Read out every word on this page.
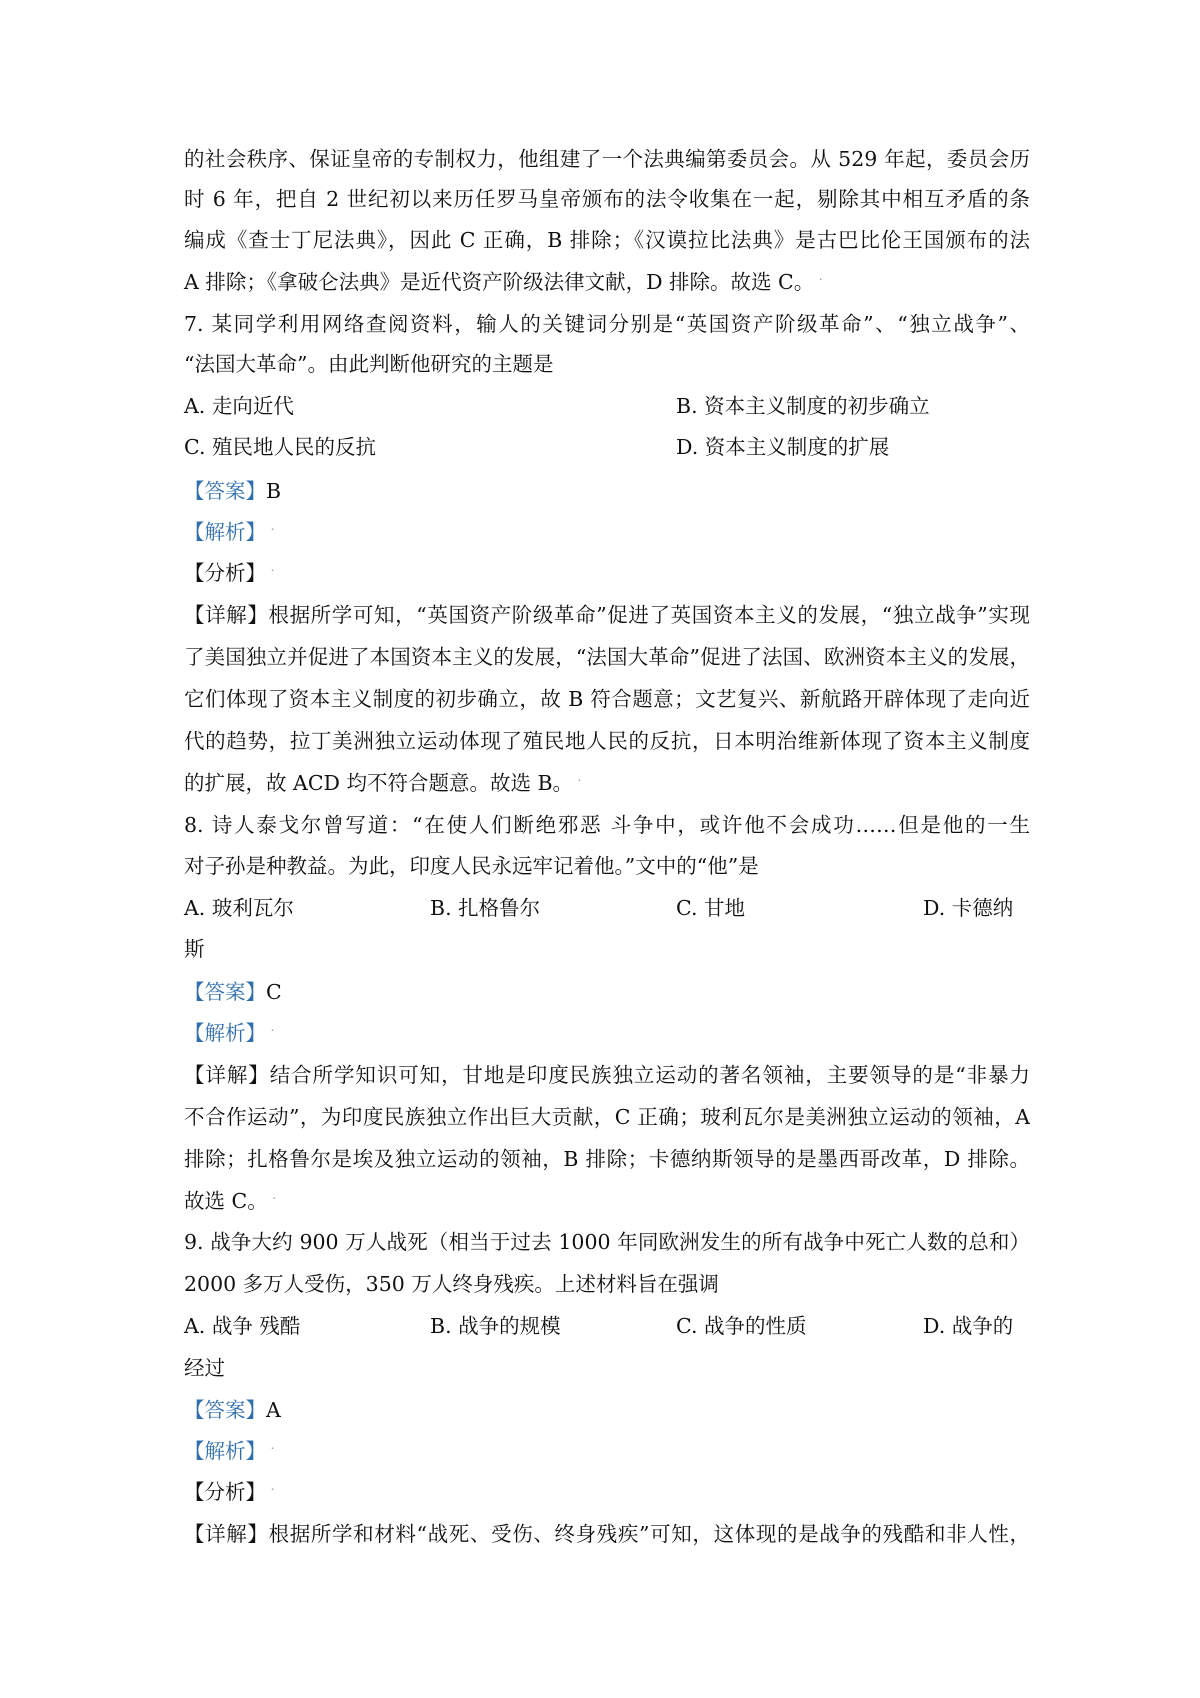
的社会秩序、保证皇帝的专制权力，他组建了一个法典编第委员会。从 529 年起，委员会历
时 6 年，把自 2 世纪初以来历任罗马皇帝颁布的法令收集在一起，剔除其中相互矛盾的条
编成《查士丁尼法典》，因此 C 正确，B 排除；《汉谟拉比法典》是古巴比伦王国颁布的法
A 排除；《拿破仑法典》是近代资产阶级法律文献，D 排除。故选 C。 ˙
7. 某同学利用网络查阅资料，输人的关键词分别是“英国资产阶级革命”、“独立战争”、
“法国大革命”。由此判断他研究的主题是
A. 走向近代	B. 资本主义制度的初步确立
C. 殖民地人民的反抗	D. 资本主义制度的扩展
【答案】B
【解析】 ˙
【分析】 ˙
【详解】根据所学可知，“英国资产阶级革命”促进了英国资本主义的发展，“独立战争”实现
了美国独立并促进了本国资本主义的发展，“法国大革命”促进了法国、欧洲资本主义的发展，
它们体现了资本主义制度的初步确立，故 B 符合题意；文艺复兴、新航路开辟体现了走向近
代的趋势，拉丁美洲独立运动体现了殖民地人民的反抗，日本明治维新体现了资本主义制度
的扩展，故 ACD 均不符合题意。故选 B。 ˙
8. 诗人泰戈尔曾写道：“在使人们断绝邪恶 斗争中，或许他不会成功……但是他的一生
对子孙是种教益。为此，印度人民永远牢记着他。”文中的“他”是
A. 玻利瓦尔	B. 扎格鲁尔	C. 甘地	D. 卡德纳
斯
【答案】C
【解析】 ˙
【详解】结合所学知识可知，甘地是印度民族独立运动的著名领袖，主要领导的是“非暴力
不合作运动”，为印度民族独立作出巨大贡献，C 正确；玻利瓦尔是美洲独立运动的领袖，A
排除；扎格鲁尔是埃及独立运动的领袖，B 排除；卡德纳斯领导的是墨西哥改革，D 排除。
故选 C。 ˙
9. 战争大约 900 万人战死（相当于过去 1000 年同欧洲发生的所有战争中死亡人数的总和）
2000 多万人受伤，350 万人终身残疾。上述材料旨在强调
A. 战争 残酷	B. 战争的规模	C. 战争的性质	D. 战争的
经过
【答案】A
【解析】 ˙
【分析】 ˙
【详解】根据所学和材料“战死、受伤、终身残疾”可知，这体现的是战争的残酷和非人性，
